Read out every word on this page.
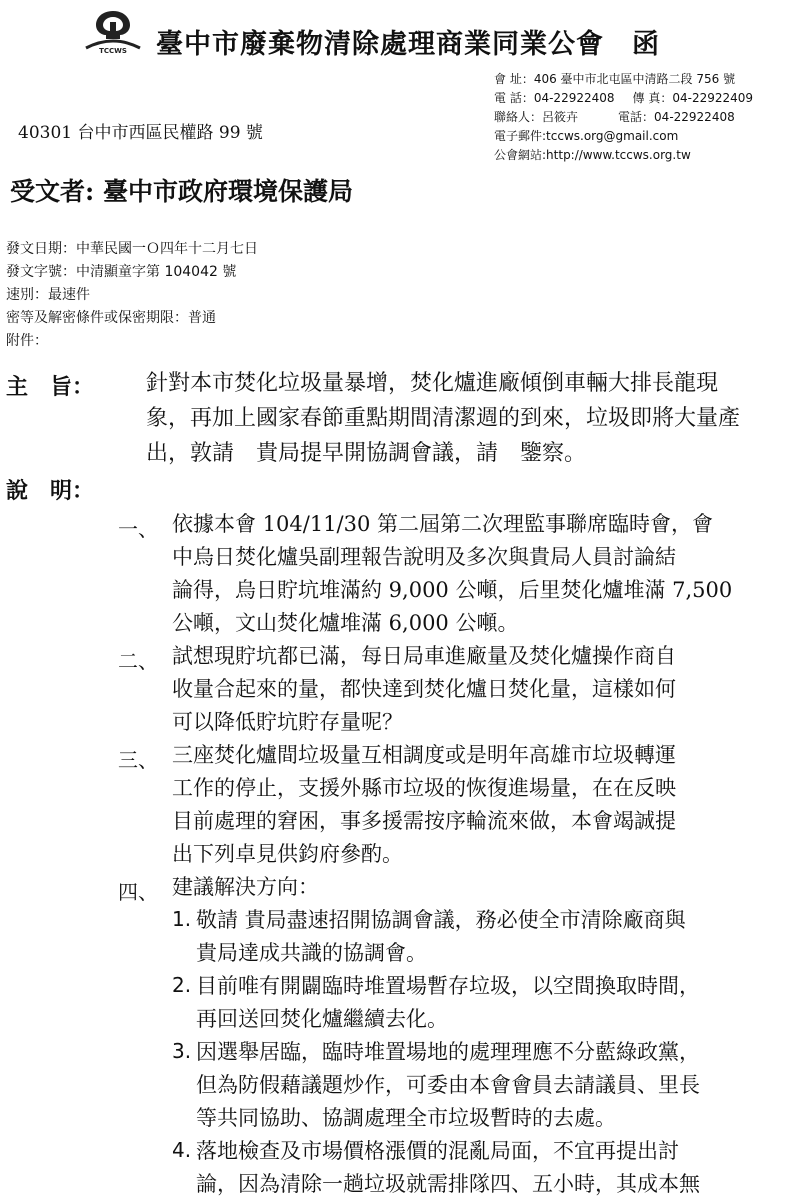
TCCWS 臺中市廢棄物清除處理商業同業公會　函
會 址：406 臺中市北屯區中清路二段 756 號
電 話：04-22922408 傳 真：04-22922409
聯絡人：呂筱卉	電話：04-22922408
電子郵件:tccws.org@gmail.com
公會網站:http://www.tccws.org.tw
40301 台中市西區民權路 99 號
受文者: 臺中市政府環境保護局
發文日期：中華民國一Ｏ四年十二月七日
發文字號：中清顯童字第 104042 號
速別：最速件
密等及解密條件或保密期限：普通
附件：
主　旨： 針對本市焚化垃圾量暴增，焚化爐進廠傾倒車輛大排長龍現
象，再加上國家春節重點期間清潔週的到來，垃圾即將大量產
出，敦請　貴局提早開協調會議，請　鑒察。
說　明：
一、 依據本會 104/11/30 第二屆第二次理監事聯席臨時會，會
中烏日焚化爐吳副理報告說明及多次與貴局人員討論結
論得，烏日貯坑堆滿約 9,000 公噸，后里焚化爐堆滿 7,500
公噸，文山焚化爐堆滿 6,000 公噸。
二、 試想現貯坑都已滿，每日局車進廠量及焚化爐操作商自
收量合起來的量，都快達到焚化爐日焚化量，這樣如何
可以降低貯坑貯存量呢？
三、 三座焚化爐間垃圾量互相調度或是明年高雄市垃圾轉運
工作的停止，支援外縣市垃圾的恢復進場量，在在反映
目前處理的窘困，事多援需按序輪流來做，本會竭誠提
出下列卓見供鈞府參酌。
四、 建議解決方向：
1. 敬請 貴局盡速招開協調會議，務必使全市清除廠商與
貴局達成共識的協調會。
2. 目前唯有開闢臨時堆置場暫存垃圾，以空間換取時間，
再回送回焚化爐繼續去化。
3. 因選舉居臨，臨時堆置場地的處理理應不分藍綠政黨，
但為防假藉議題炒作，可委由本會會員去請議員、里長
等共同協助、協調處理全市垃圾暫時的去處。
4. 落地檢查及市場價格漲價的混亂局面，不宜再提出討
論，因為清除一趟垃圾就需排隊四、五小時，其成本無
